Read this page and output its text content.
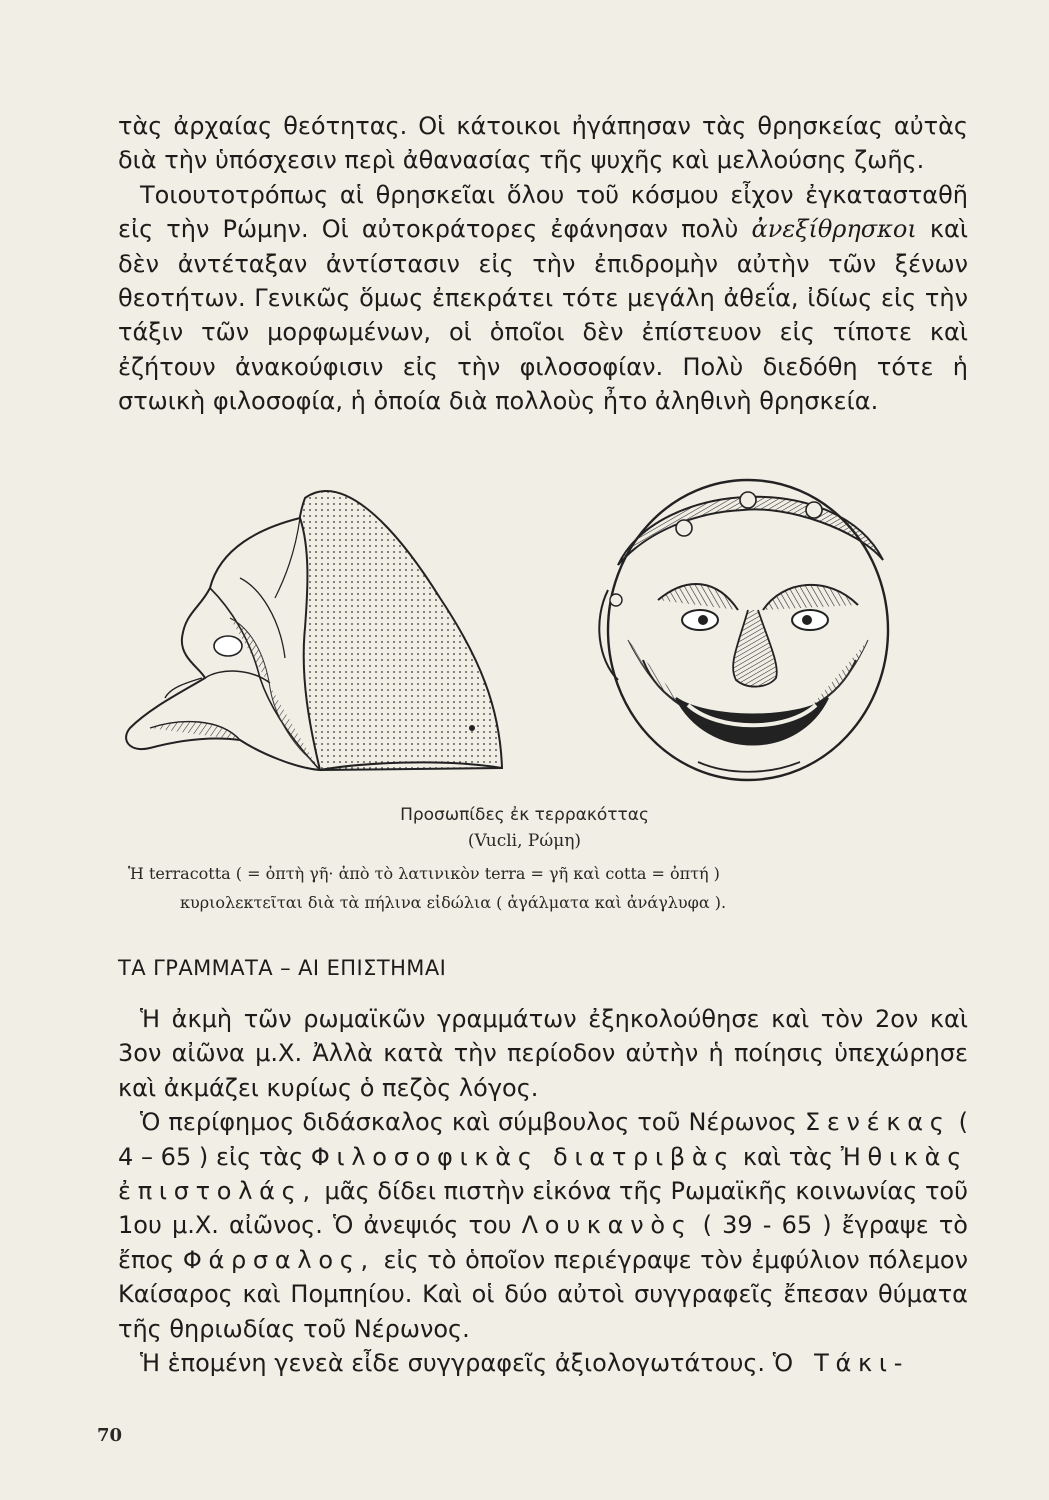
τὰς ἀρχαίας θεότητας. Οἱ κάτοικοι ἠγάπησαν τὰς θρησκείας αὐτὰς διὰ τὴν ὑπόσχεσιν περὶ ἀθανασίας τῆς ψυχῆς καὶ μελλούσης ζωῆς.
Τοιουτοτρόπως αἱ θρησκεῖαι ὅλου τοῦ κόσμου εἶχον ἐγκατασταθῆ εἰς τὴν Ρώμην. Οἱ αὐτοκράτορες ἐφάνησαν πολὺ ἀνεξίθρησκοι καὶ δὲν ἀντέταξαν ἀντίστασιν εἰς τὴν ἐπιδρομὴν αὐτὴν τῶν ξένων θεοτήτων. Γενικῶς ὅμως ἐπεκράτει τότε μεγάλη ἀθεΐα, ἰδίως εἰς τὴν τάξιν τῶν μορφωμένων, οἱ ὁποῖοι δὲν ἐπίστευον εἰς τίποτε καὶ ἐζήτουν ἀνακούφισιν εἰς τὴν φιλοσοφίαν. Πολὺ διεδόθη τότε ἡ στωικὴ φιλοσοφία, ἡ ὁποία διὰ πολλοὺς ἦτο ἀληθινὴ θρησκεία.

Προσωπίδες ἐκ τερρακόττας
(Vucli, Ρώμη)
Ἡ terracotta ( = ὀπτὴ γῆ· ἀπὸ τὸ λατινικὸν terra = γῆ καὶ cotta = ὀπτή )
κυριολεκτεῖται διὰ τὰ πήλινα εἰδώλια ( ἀγάλματα καὶ ἀνάγλυφα ).
ΤΑ ΓΡΑΜΜΑΤΑ – ΑΙ ΕΠΙΣΤΗΜΑΙ

Ἡ ἀκμὴ τῶν ρωμαϊκῶν γραμμάτων ἐξηκολούθησε καὶ τὸν 2ον καὶ 3ον αἰῶνα μ.Χ. Ἀλλὰ κατὰ τὴν περίοδον αὐτὴν ἡ ποίησις ὑπεχώρησε καὶ ἀκμάζει κυρίως ὁ πεζὸς λόγος.
Ὁ περίφημος διδάσκαλος καὶ σύμβουλος τοῦ Νέρωνος Σενέκας ( 4 – 65 ) εἰς τὰς Φιλοσοφικὰς διατριβὰς καὶ τὰς Ἠθικὰς ἐπιστολάς, μᾶς δίδει πιστὴν εἰκόνα τῆς Ρωμαϊκῆς κοινωνίας τοῦ 1ου μ.Χ. αἰῶνος. Ὁ ἀνεψιός του Λουκανὸς ( 39 - 65 ) ἔγραψε τὸ ἔπος Φάρσαλος, εἰς τὸ ὁποῖον περιέγραψε τὸν ἐμφύλιον πόλεμον Καίσαρος καὶ Πομπηίου. Καὶ οἱ δύο αὐτοὶ συγγραφεῖς ἔπεσαν θύματα τῆς θηριωδίας τοῦ Νέρωνος.
Ἡ ἑπομένη γενεὰ εἶδε συγγραφεῖς ἀξιολογωτάτους. Ὁ Τάκι-

70
